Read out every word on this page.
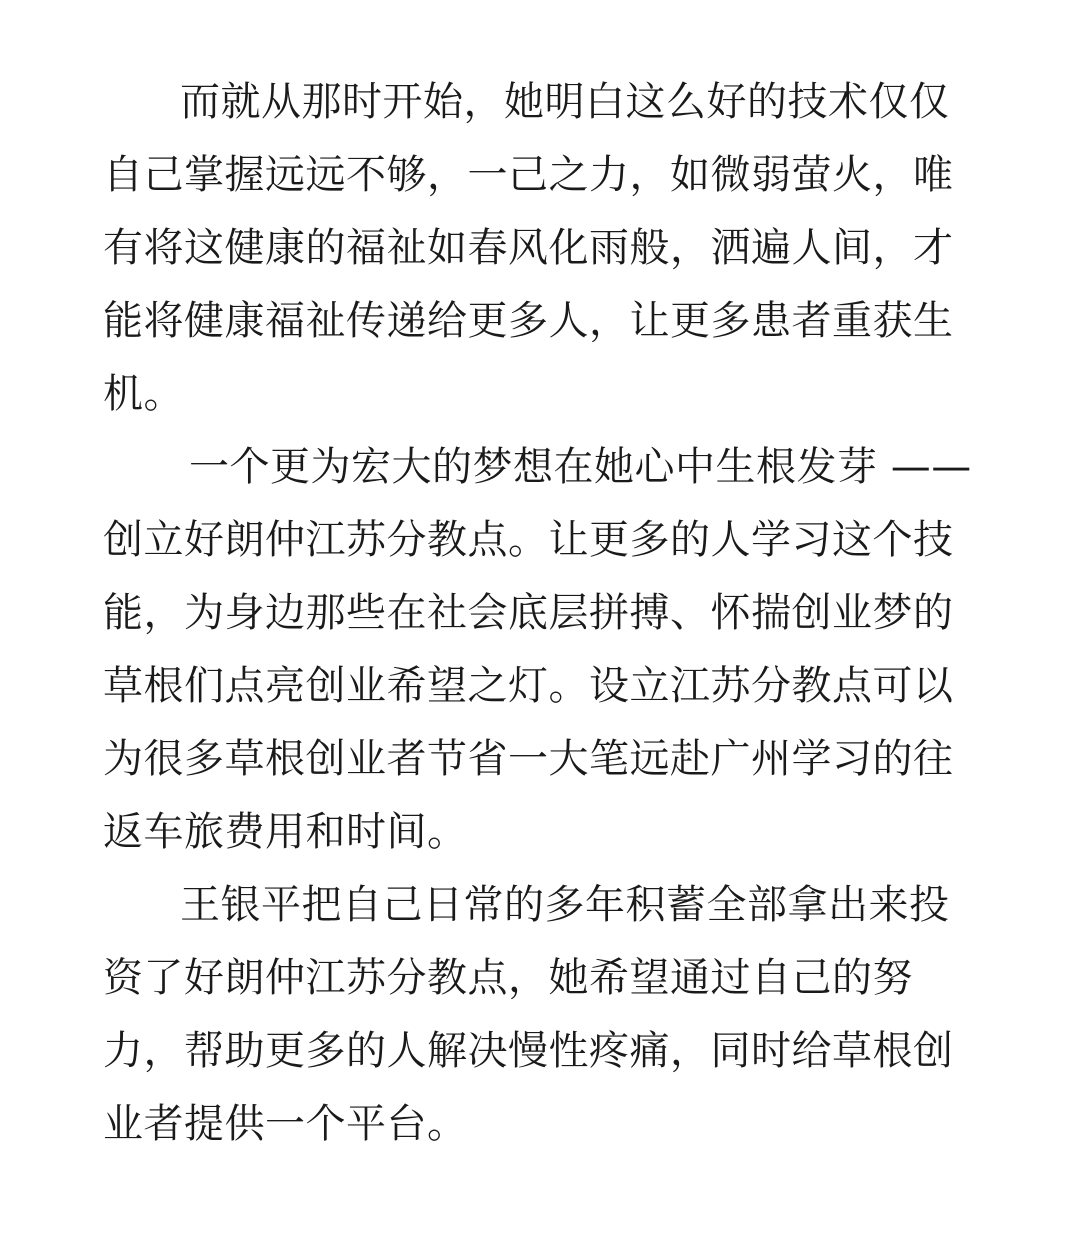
而就从那时开始，她明白这么好的技术仅仅
自己掌握远远不够，一己之力，如微弱萤火，唯
有将这健康的福祉如春风化雨般，洒遍人间，才
能将健康福祉传递给更多人，让更多患者重获生
机。
一个更为宏大的梦想在她心中生根发芽 ——
创立好朗仲江苏分教点。让更多的人学习这个技
能，为身边那些在社会底层拼搏、怀揣创业梦的
草根们点亮创业希望之灯。设立江苏分教点可以
为很多草根创业者节省一大笔远赴广州学习的往
返车旅费用和时间。
王银平把自己日常的多年积蓄全部拿出来投
资了好朗仲江苏分教点，她希望通过自己的努
力，帮助更多的人解决慢性疼痛，同时给草根创
业者提供一个平台。
